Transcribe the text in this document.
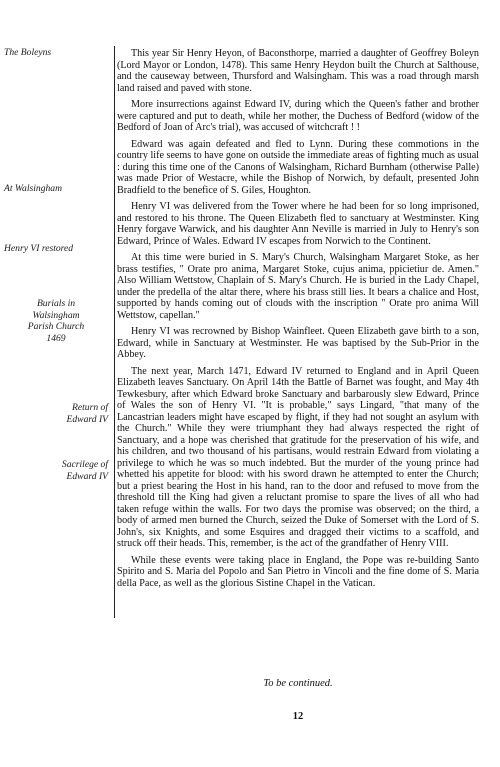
The Boleyns
At Walsingham
Henry VI restored
Burials in
Walsingham
Parish Church
1469
Return of
Edward IV
Sacrilege of
Edward IV

This year Sir Henry Heyon, of Baconsthorpe, married a daughter of Geoffrey Boleyn (Lord Mayor or London, 1478). This same Henry Heydon built the Church at Salthouse, and the causeway between, Thursford and Walsingham. This was a road through marsh land raised and paved with stone.

More insurrections against Edward IV, during which the Queen's father and brother were captured and put to death, while her mother, the Duchess of Bedford (widow of the Bedford of Joan of Arc's trial), was accused of witchcraft ! !

Edward was again defeated and fled to Lynn. During these commotions in the country life seems to have gone on outside the immediate areas of fighting much as usual : during this time one of the Canons of Walsingham, Richard Burnham (otherwise Palle) was made Prior of Westacre, while the Bishop of Norwich, by default, presented John Bradfield to the benefice of S. Giles, Houghton.

Henry VI was delivered from the Tower where he had been for so long imprisoned, and restored to his throne. The Queen Elizabeth fled to sanctuary at Westminster. King Henry forgave Warwick, and his daughter Ann Neville is married in July to Henry's son Edward, Prince of Wales. Edward IV escapes from Norwich to the Continent.

At this time were buried in S. Mary's Church, Walsingham Margaret Stoke, as her brass testifies, " Orate pro anima, Margaret Stoke, cujus anima, ppicietiur de. Amen." Also William Wettstow, Chaplain of S. Mary's Church. He is buried in the Lady Chapel, under the predella of the altar there, where his brass still lies. It bears a chalice and Host, supported by hands coming out of clouds with the inscription " Orate pro anima Will Wettstow, capellan."

Henry VI was recrowned by Bishop Wainfleet. Queen Elizabeth gave birth to a son, Edward, while in Sanctuary at Westminster. He was baptised by the Sub-Prior in the Abbey.

The next year, March 1471, Edward IV returned to England and in April Queen Elizabeth leaves Sanctuary. On April 14th the Battle of Barnet was fought, and May 4th Tewkesbury, after which Edward broke Sanctuary and barbarously slew Edward, Prince of Wales the son of Henry VI. "It is probable," says Lingard, "that many of the Lancastrian leaders might have escaped by flight, if they had not sought an asylum with the Church." While they were triumphant they had always respected the right of Sanctuary, and a hope was cherished that gratitude for the preservation of his wife, and his children, and two thousand of his partisans, would restrain Edward from violating a privilege to which he was so much indebted. But the murder of the young prince had whetted his appetite for blood: with his sword drawn he attempted to enter the Church; but a priest bearing the Host in his hand, ran to the door and refused to move from the threshold till the King had given a reluctant promise to spare the lives of all who had taken refuge within the walls. For two days the promise was observed; on the third, a body of armed men burned the Church, seized the Duke of Somerset with the Lord of S. John's, six Knights, and some Esquires and dragged their victims to a scaffold, and struck off their heads. This, remember, is the act of the grandfather of Henry VIII.

While these events were taking place in England, the Pope was re-building Santo Spirito and S. Maria del Popolo and San Pietro in Vincoli and the fine dome of S. Maria della Pace, as well as the glorious Sistine Chapel in the Vatican.

To be continued.
12
